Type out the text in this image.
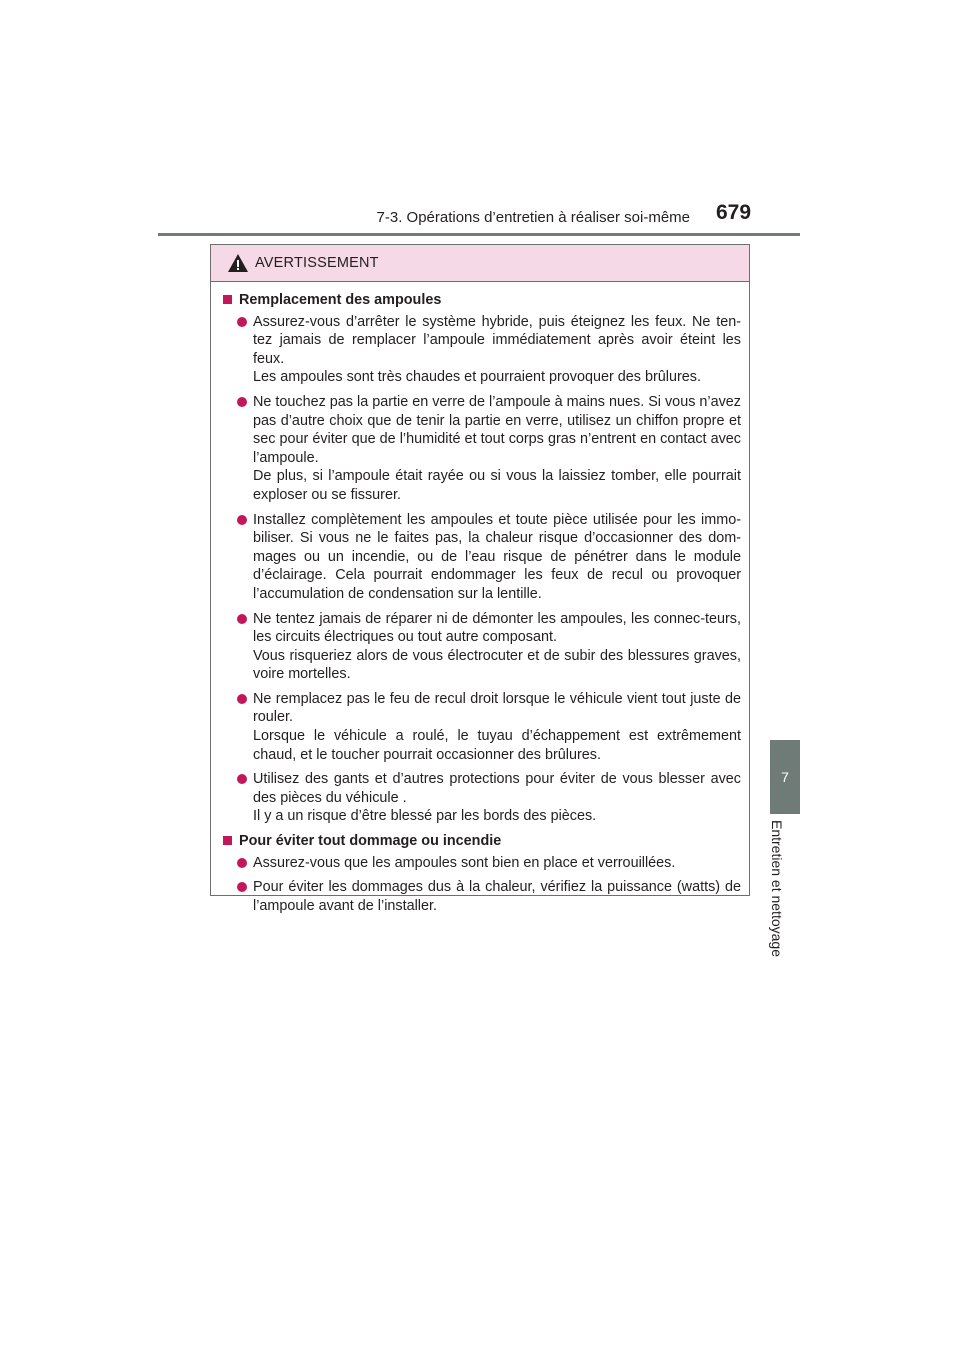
7-3. Opérations d’entretien à réaliser soi-même 679
7
Entretien et nettoyage
AVERTISSEMENT
Remplacement des ampoules
Assurez-vous d’arrêter le système hybride, puis éteignez les feux. Ne ten-tez jamais de remplacer l’ampoule immédiatement après avoir éteint les feux.
Les ampoules sont très chaudes et pourraient provoquer des brûlures.
Ne touchez pas la partie en verre de l’ampoule à mains nues. Si vous n’avez pas d’autre choix que de tenir la partie en verre, utilisez un chiffon propre et sec pour éviter que de l’humidité et tout corps gras n’entrent en contact avec l’ampoule.
De plus, si l’ampoule était rayée ou si vous la laissiez tomber, elle pourrait exploser ou se fissurer.
Installez complètement les ampoules et toute pièce utilisée pour les immo-biliser. Si vous ne le faites pas, la chaleur risque d’occasionner des dom-mages ou un incendie, ou de l’eau risque de pénétrer dans le module d’éclairage. Cela pourrait endommager les feux de recul ou provoquer l’accumulation de condensation sur la lentille.
Ne tentez jamais de réparer ni de démonter les ampoules, les connec-teurs, les circuits électriques ou tout autre composant.
Vous risqueriez alors de vous électrocuter et de subir des blessures graves, voire mortelles.
Ne remplacez pas le feu de recul droit lorsque le véhicule vient tout juste de rouler.
Lorsque le véhicule a roulé, le tuyau d’échappement est extrêmement chaud, et le toucher pourrait occasionner des brûlures.
Utilisez des gants et d’autres protections pour éviter de vous blesser avec des pièces du véhicule .
Il y a un risque d’être blessé par les bords des pièces.
Pour éviter tout dommage ou incendie
Assurez-vous que les ampoules sont bien en place et verrouillées.
Pour éviter les dommages dus à la chaleur, vérifiez la puissance (watts) de l’ampoule avant de l’installer.
